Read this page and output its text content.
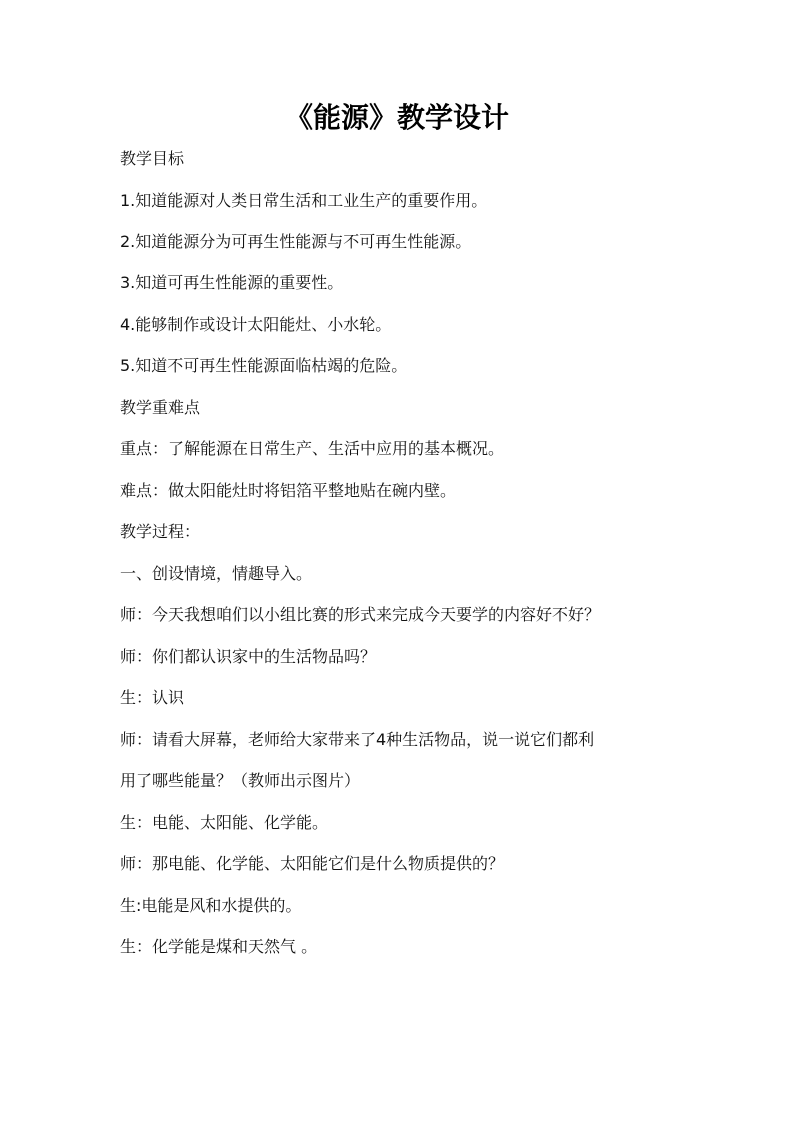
《能源》教学设计

教学目标

1.知道能源对人类日常生活和工业生产的重要作用。

2.知道能源分为可再生性能源与不可再生性能源。

3.知道可再生性能源的重要性。

4.能够制作或设计太阳能灶、小水轮。

5.知道不可再生性能源面临枯竭的危险。

教学重难点

重点：了解能源在日常生产、生活中应用的基本概况。

难点：做太阳能灶时将铝箔平整地贴在碗内壁。

教学过程：

一、创设情境，情趣导入。

师：今天我想咱们以小组比赛的形式来完成今天要学的内容好不好？

师：你们都认识家中的生活物品吗？

生：认识

师：请看大屏幕，老师给大家带来了4种生活物品，说一说它们都利

用了哪些能量？（教师出示图片）

生：电能、太阳能、化学能。

师：那电能、化学能、太阳能它们是什么物质提供的？

生:电能是风和水提供的。

生：化学能是煤和天然气 。
